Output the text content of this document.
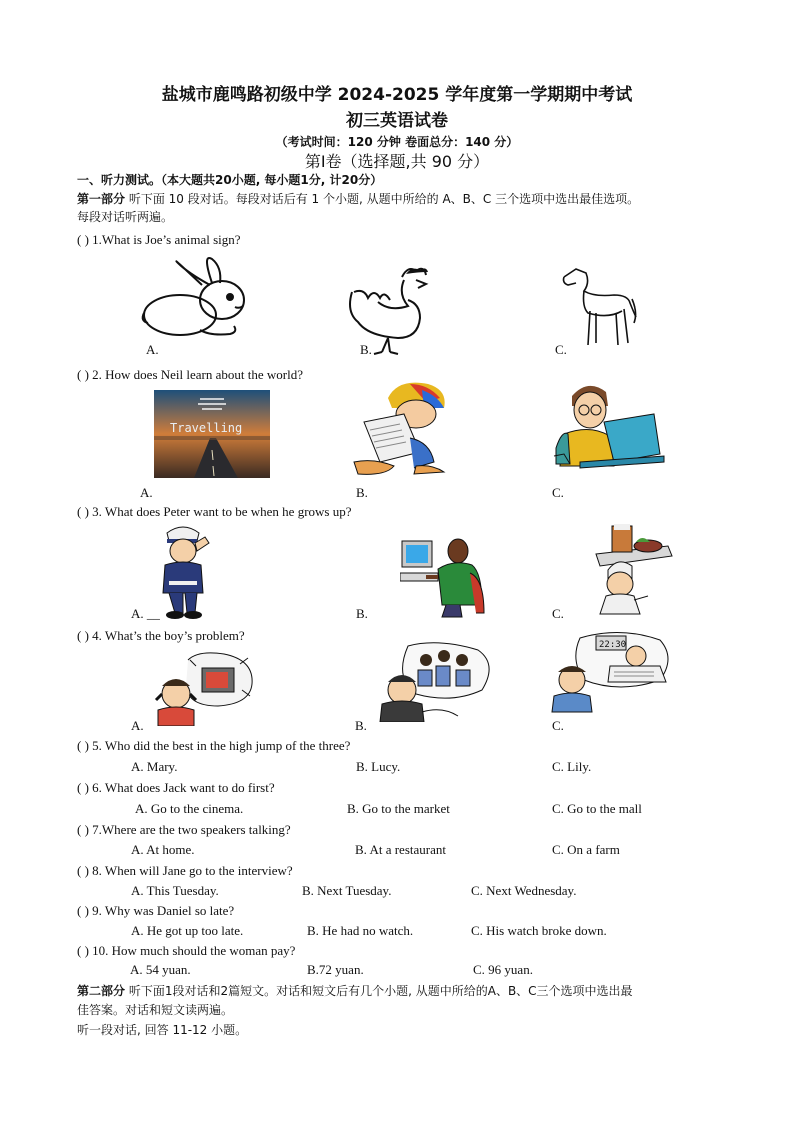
盐城市鹿鸣路初级中学 2024-2025 学年度第一学期期中考试
初三英语试卷
（考试时间：120 分钟 卷面总分：140 分）
第Ⅰ卷（选择题,共 90 分）
一、听力测试。（本大题共20小题, 每小题1分, 计20分）
第一部分 听下面 10 段对话。每段对话后有 1 个小题, 从题中所给的 A、B、C 三个选项中选出最佳选项。
每段对话听两遍。
( ) 1.What is Joe’s animal sign?
A.	B.	C.
( ) 2. How does Neil learn about the world?
Travelling
A.	B.	C.
( ) 3. What does Peter want to be when he grows up?
A. __	B.	C.
( ) 4. What’s the boy’s problem?
22:30
A.	B.	C.
( ) 5. Who did the best in the high jump of the three?
A. Mary.	B. Lucy.	C. Lily.
( ) 6. What does Jack want to do first?
A. Go to the cinema.	B. Go to the market	C. Go to the mall
( ) 7.Where are the two speakers talking?
A. At home.	B. At a restaurant	C. On a farm
( ) 8. When will Jane go to the interview?
A. This Tuesday.	B. Next Tuesday.	C. Next Wednesday.
( ) 9. Why was Daniel so late?
A. He got up too late.	B. He had no watch.	C. His watch broke down.
( ) 10. How much should the woman pay?
A. 54 yuan.	B.72 yuan.	C. 96 yuan.
第二部分 听下面1段对话和2篇短文。对话和短文后有几个小题, 从题中所给的A、B、C三个选项中选出最
佳答案。对话和短文读两遍。
听一段对话, 回答 11-12 小题。
